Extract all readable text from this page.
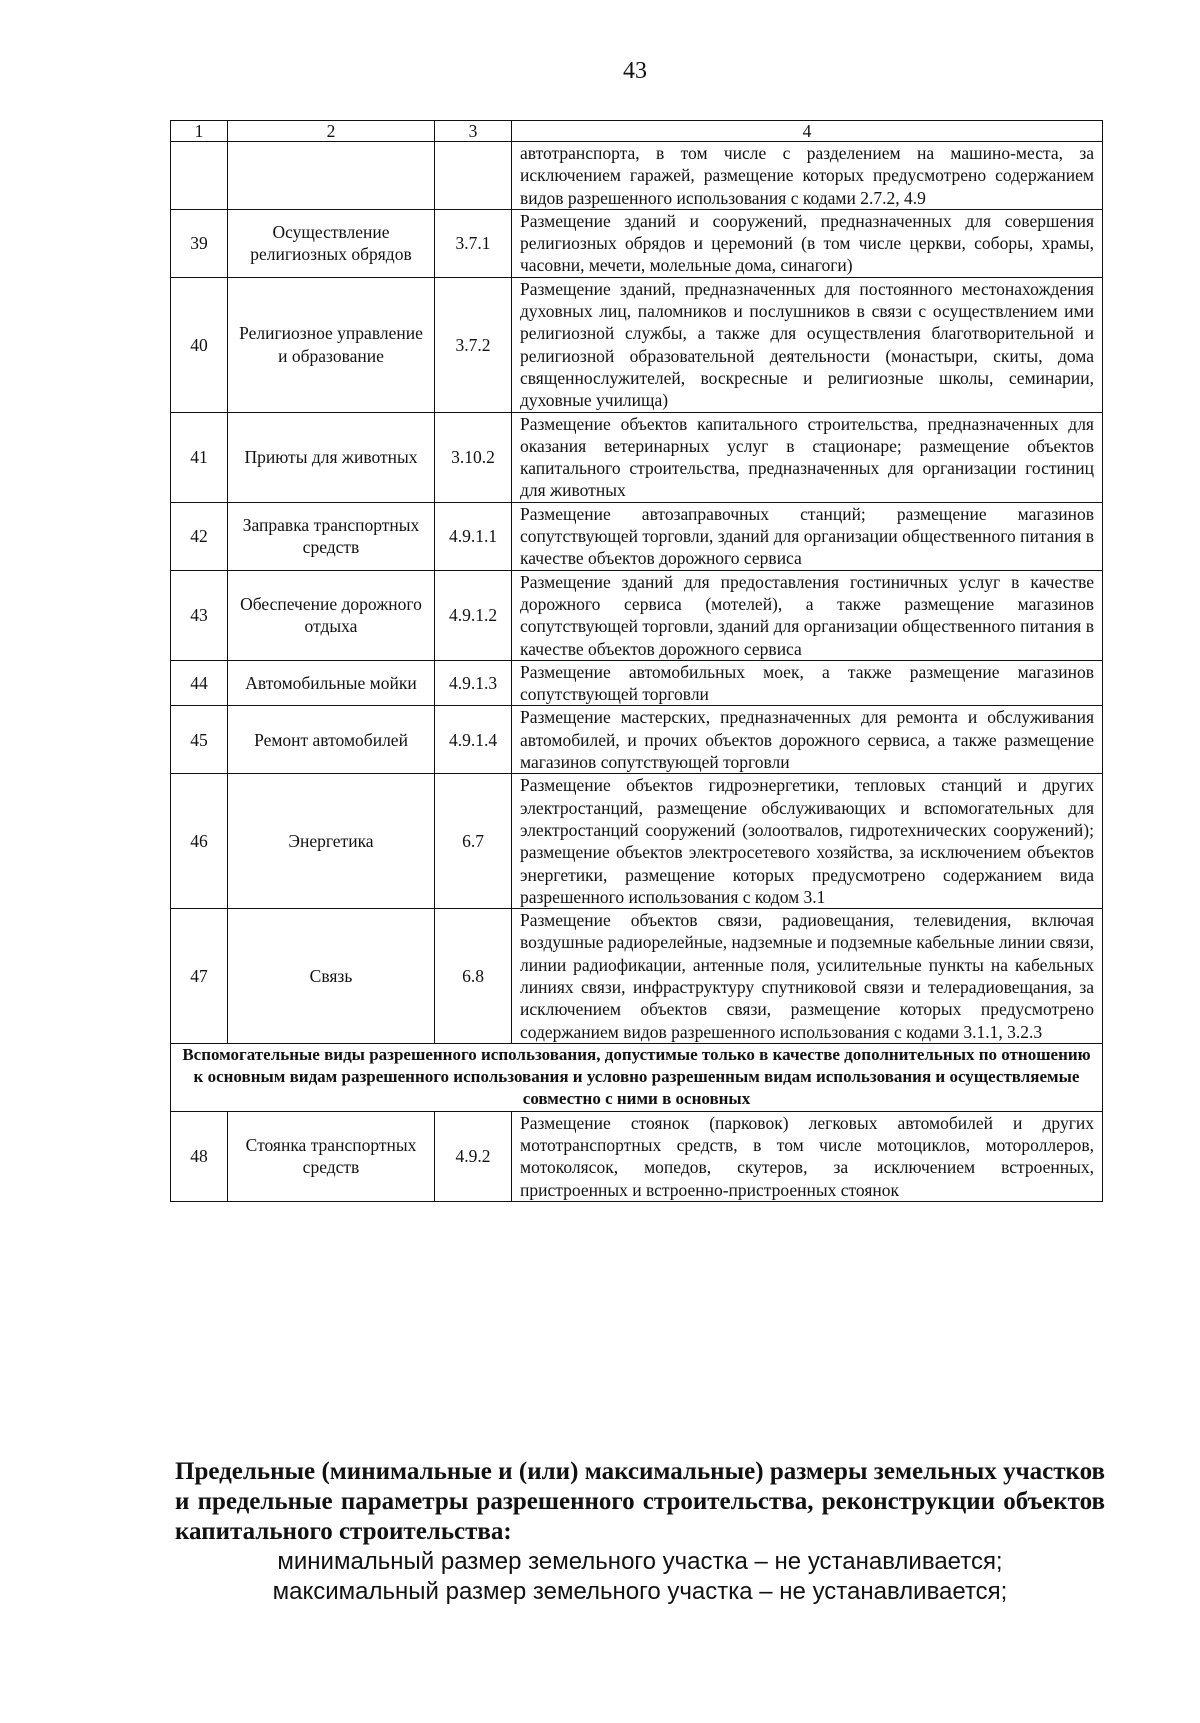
43
1	2	3	4
			автотранспорта, в том числе с разделением на машино-места, за исключением гаражей, размещение которых предусмотрено содержанием видов разрешенного использования с кодами 2.7.2, 4.9
39	Осуществление религиозных обрядов	3.7.1	Размещение зданий и сооружений, предназначенных для совершения религиозных обрядов и церемоний (в том числе церкви, соборы, храмы, часовни, мечети, молельные дома, синагоги)
40	Религиозное управление и образование	3.7.2	Размещение зданий, предназначенных для постоянного местонахождения духовных лиц, паломников и послушников в связи с осуществлением ими религиозной службы, а также для осуществления благотворительной и религиозной образовательной деятельности (монастыри, скиты, дома священнослужителей, воскресные и религиозные школы, семинарии, духовные училища)
41	Приюты для животных	3.10.2	Размещение объектов капитального строительства, предназначенных для оказания ветеринарных услуг в стационаре; размещение объектов капитального строительства, предназначенных для организации гостиниц для животных
42	Заправка транспортных средств	4.9.1.1	Размещение автозаправочных станций; размещение магазинов сопутствующей торговли, зданий для организации общественного питания в качестве объектов дорожного сервиса
43	Обеспечение дорожного отдыха	4.9.1.2	Размещение зданий для предоставления гостиничных услуг в качестве дорожного сервиса (мотелей), а также размещение магазинов сопутствующей торговли, зданий для организации общественного питания в качестве объектов дорожного сервиса
44	Автомобильные мойки	4.9.1.3	Размещение автомобильных моек, а также размещение магазинов сопутствующей торговли
45	Ремонт автомобилей	4.9.1.4	Размещение мастерских, предназначенных для ремонта и обслуживания автомобилей, и прочих объектов дорожного сервиса, а также размещение магазинов сопутствующей торговли
46	Энергетика	6.7	Размещение объектов гидроэнергетики, тепловых станций и других электростанций, размещение обслуживающих и вспомогательных для электростанций сооружений (золоотвалов, гидротехнических сооружений); размещение объектов электросетевого хозяйства, за исключением объектов энергетики, размещение которых предусмотрено содержанием вида разрешенного использования с кодом 3.1
47	Связь	6.8	Размещение объектов связи, радиовещания, телевидения, включая воздушные радиорелейные, надземные и подземные кабельные линии связи, линии радиофикации, антенные поля, усилительные пункты на кабельных линиях связи, инфраструктуру спутниковой связи и телерадиовещания, за исключением объектов связи, размещение которых предусмотрено содержанием видов разрешенного использования с кодами 3.1.1, 3.2.3
Вспомогательные виды разрешенного использования, допустимые только в качестве дополнительных по отношению к основным видам разрешенного использования и условно разрешенным видам использования и осуществляемые совместно с ними в основных			
48	Стоянка транспортных средств	4.9.2	Размещение стоянок (парковок) легковых автомобилей и других мототранспортных средств, в том числе мотоциклов, мотороллеров, мотоколясок, мопедов, скутеров, за исключением встроенных, пристроенных и встроенно-пристроенных стоянок
Предельные (минимальные и (или) максимальные) размеры земельных участков и предельные параметры разрешенного строительства, реконструкции объектов капитального строительства:
минимальный размер земельного участка – не устанавливается;
максимальный размер земельного участка – не устанавливается;
